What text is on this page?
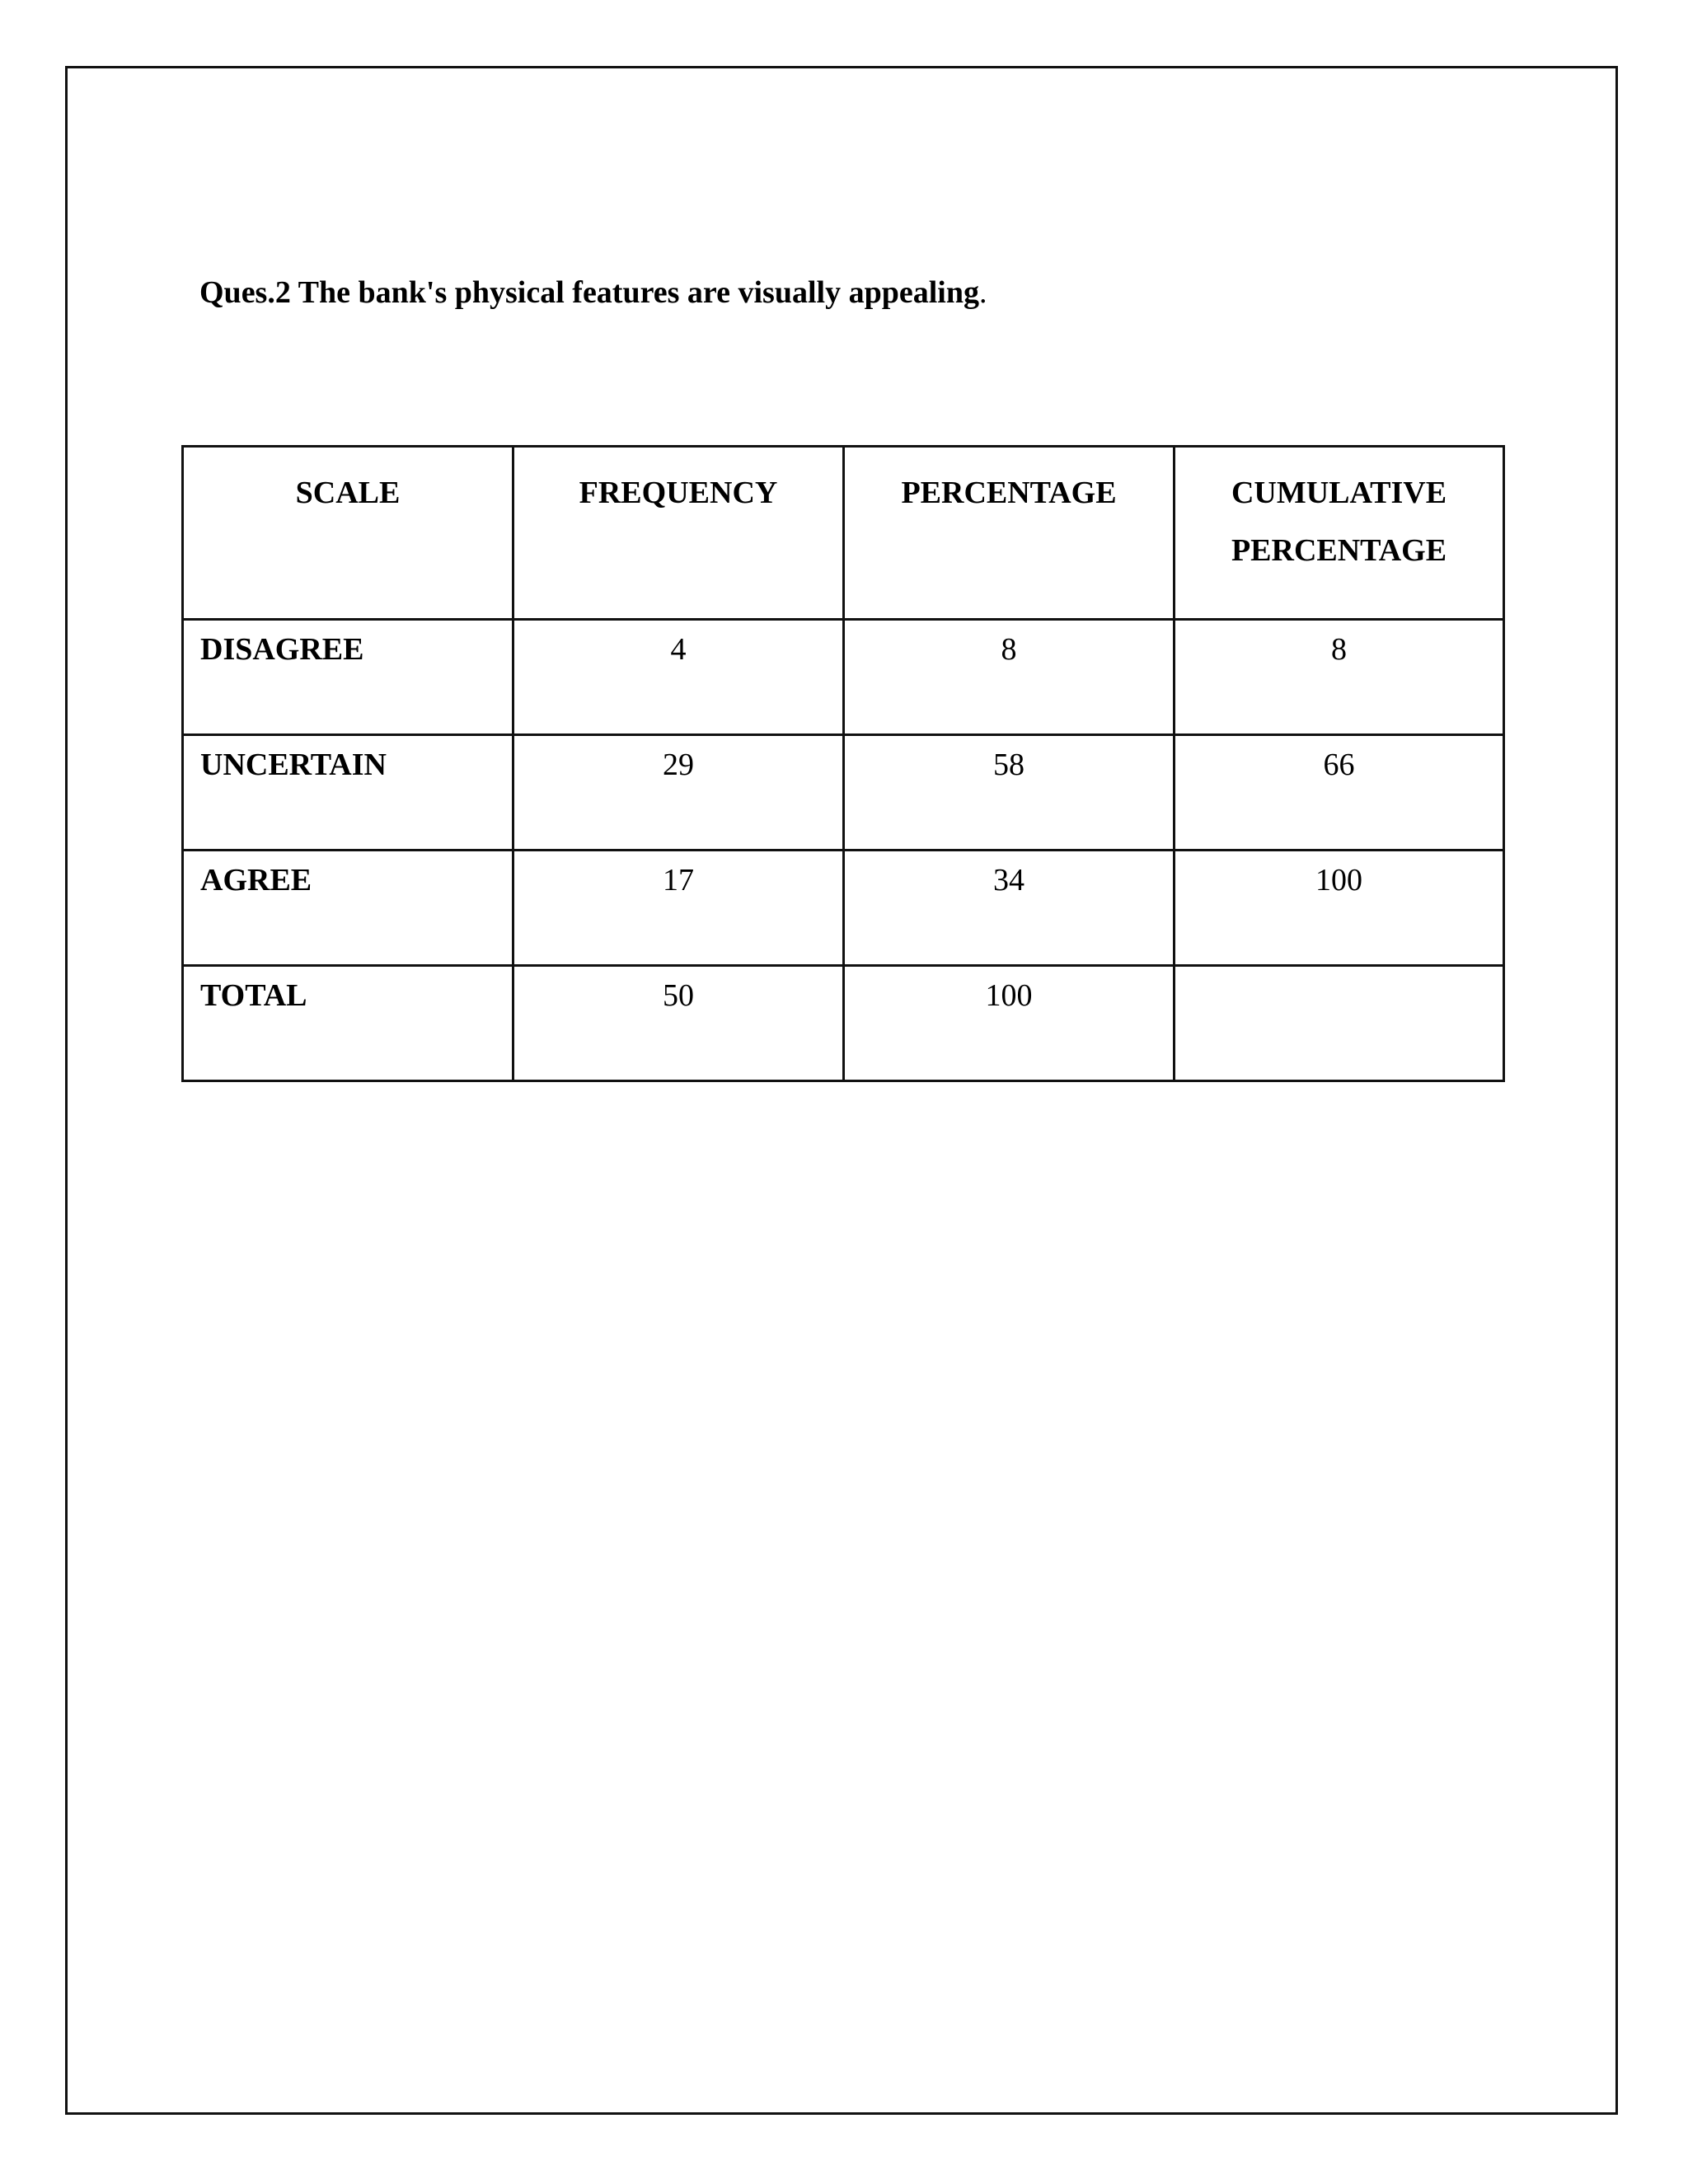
Ques.2 The bank's physical features are visually appealing.
SCALE	FREQUENCY	PERCENTAGE	CUMULATIVE PERCENTAGE
DISAGREE	4	8	8
UNCERTAIN	29	58	66
AGREE	17	34	100
TOTAL	50	100	
